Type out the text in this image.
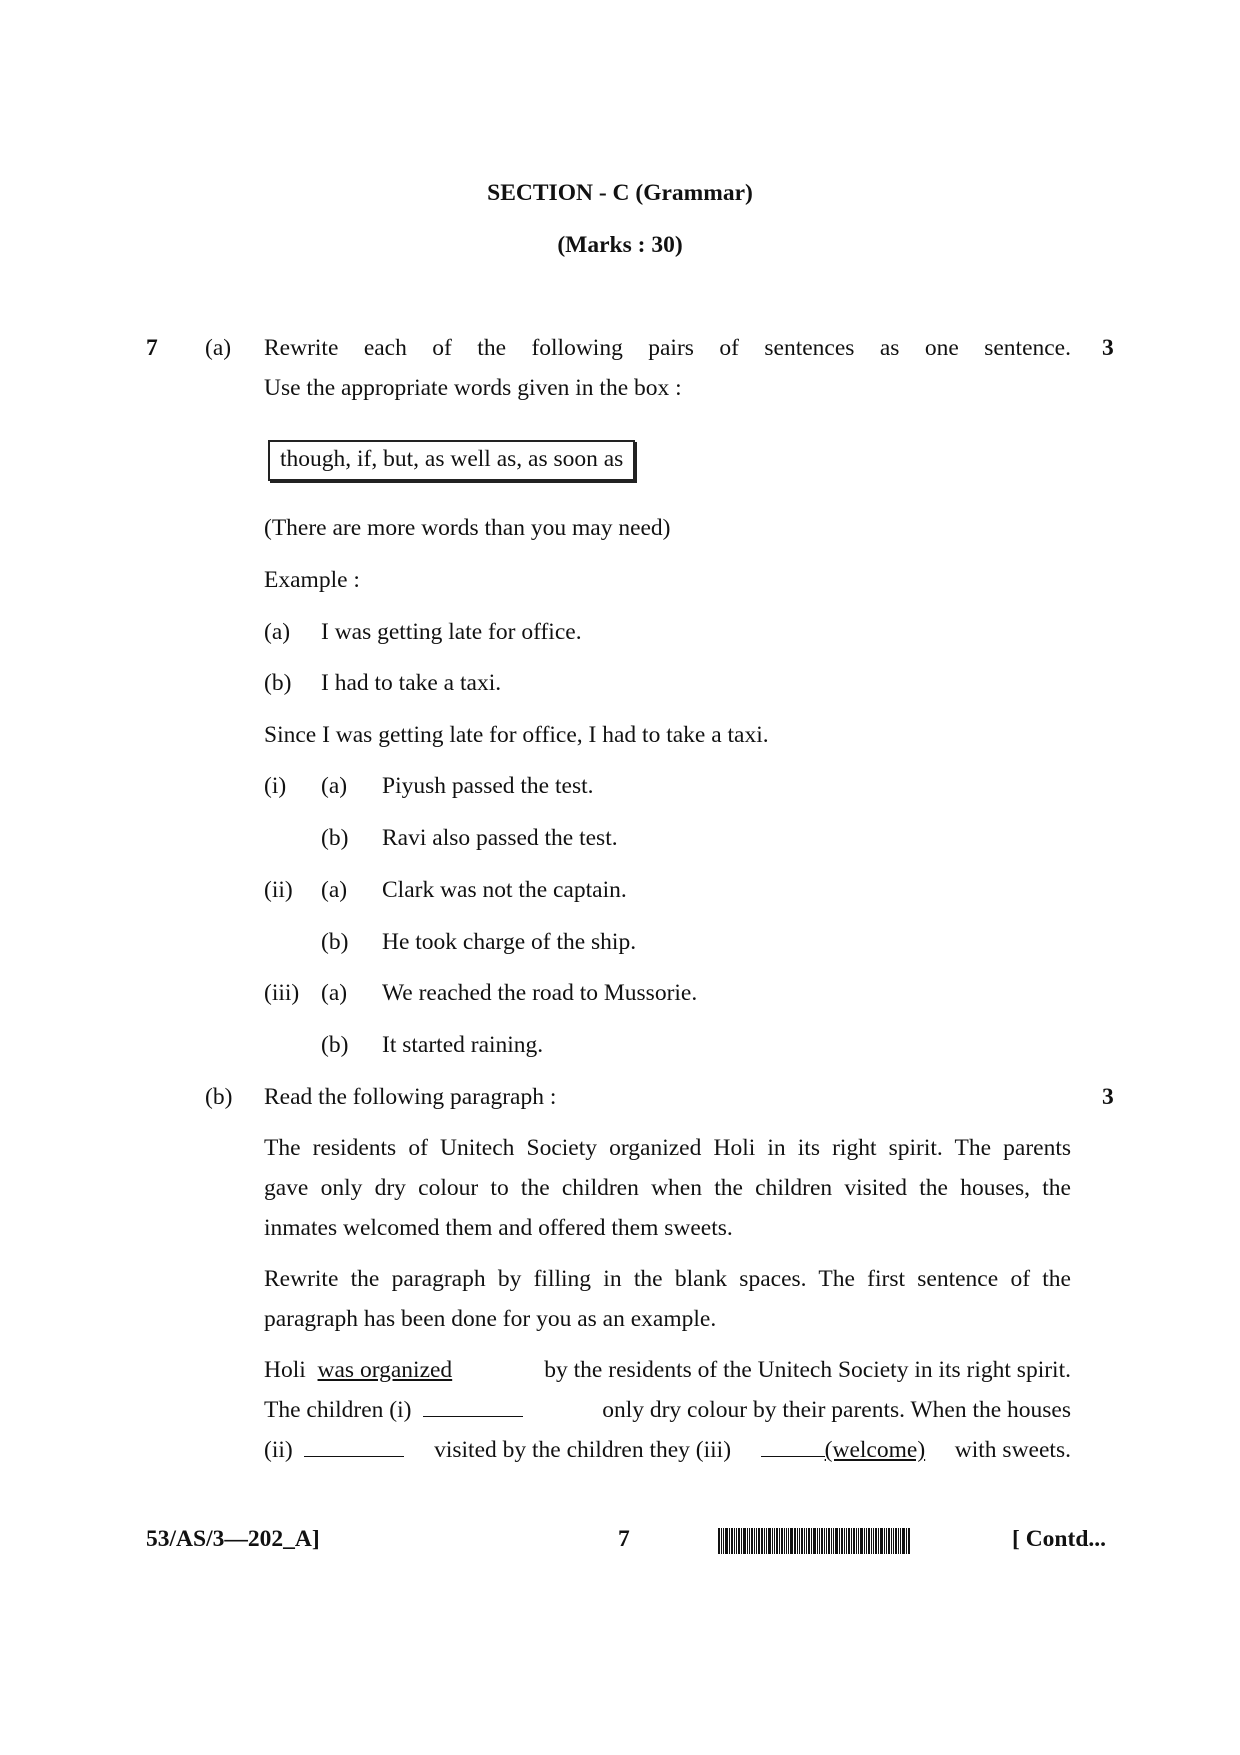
SECTION - C (Grammar)
(Marks : 30)
7 (a) Rewrite each of the following pairs of sentences as one sentence. 3
Use the appropriate words given in the box :
though, if, but, as well as, as soon as
(There are more words than you may need)
Example :
(a) I was getting late for office.
(b) I had to take a taxi.
Since I was getting late for office, I had to take a taxi.
(i) (a) Piyush passed the test.
(b) Ravi also passed the test.
(ii) (a) Clark was not the captain.
(b) He took charge of the ship.
(iii) (a) We reached the road to Mussorie.
(b) It started raining.
(b) Read the following paragraph :	3
The residents of Unitech Society organized Holi in its right spirit. The parents
gave only dry colour to the children when the children visited the houses, the
inmates welcomed them and offered them sweets.
Rewrite the paragraph by filling in the blank spaces. The first sentence of the
paragraph has been done for you as an example.
Holi was organized	by the residents of the Unitech Society in its right spirit.
The children (i)	only dry colour by their parents. When the houses
(ii)	visited by the children they (iii)	(welcome) with sweets.
53/AS/3—202_A]	7	[ Contd...
